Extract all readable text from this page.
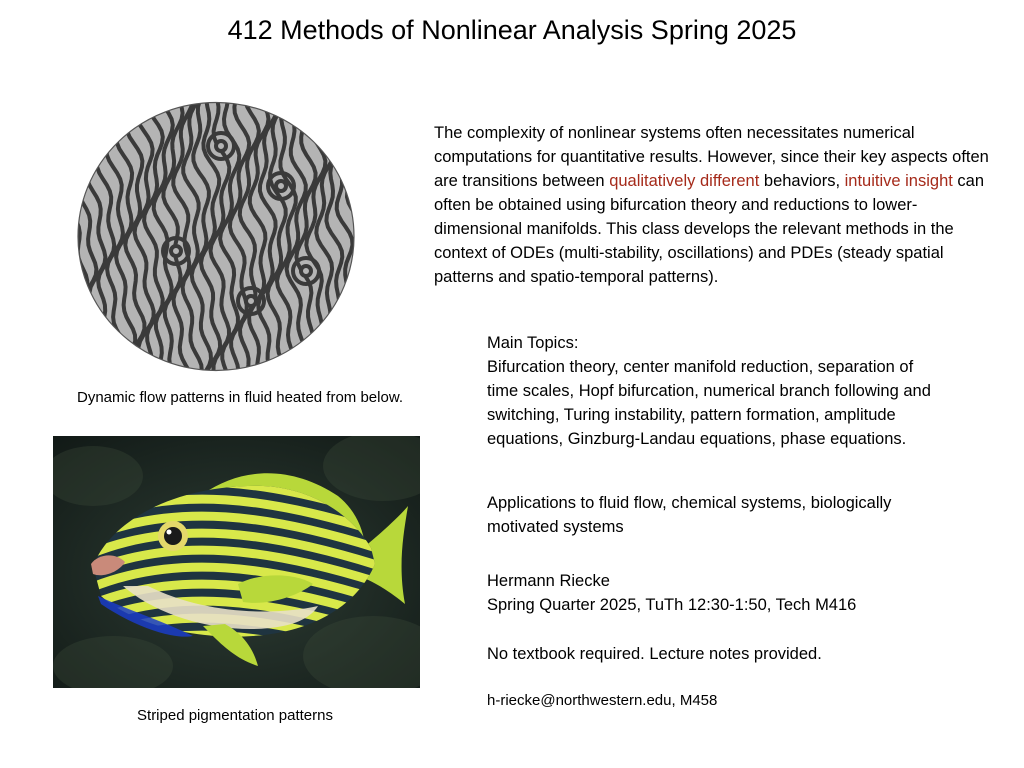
412 Methods of Nonlinear Analysis Spring 2025
Dynamic flow patterns in fluid heated from below.
Striped pigmentation patterns

The complexity of nonlinear systems often necessitates numerical computations for quantitative results. However, since their key aspects often are transitions between qualitatively different behaviors, intuitive insight can often be obtained using bifurcation theory and reductions to lower-dimensional manifolds. This class develops the relevant methods in the context of ODEs (multi-stability, oscillations) and PDEs (steady spatial patterns and spatio-temporal patterns).

Main Topics:

Bifurcation theory, center manifold reduction, separation of time scales, Hopf bifurcation, numerical branch following and switching, Turing instability, pattern formation, amplitude equations, Ginzburg-Landau equations, phase equations.

Applications to fluid flow, chemical systems, biologically motivated systems

Hermann Riecke

Spring Quarter 2025, TuTh 12:30-1:50, Tech M416

No textbook required. Lecture notes provided.

h-riecke@northwestern.edu, M458
